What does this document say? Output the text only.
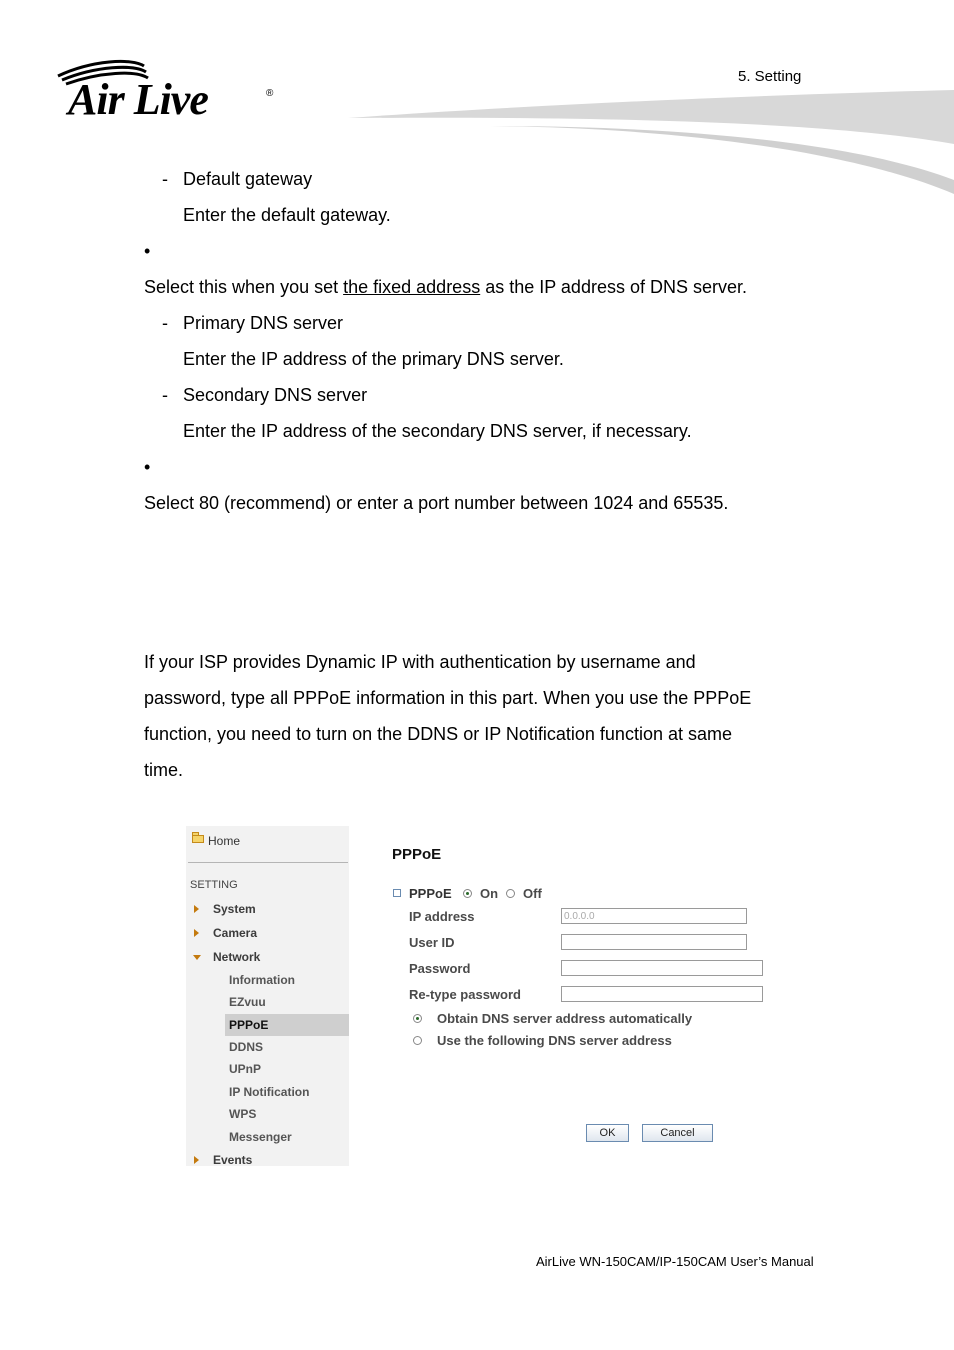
Air Live	®
5. Setting
- Default gateway
Enter the default gateway.
•
Select this when you set the fixed address as the IP address of DNS server.
- Primary DNS server
Enter the IP address of the primary DNS server.
- Secondary DNS server
Enter the IP address of the secondary DNS server, if necessary.
•
Select 80 (recommend) or enter a port number between 1024 and 65535.
If your ISP provides Dynamic IP with authentication by username and
password, type all PPPoE information in this part. When you use the PPPoE
function, you need to turn on the DDNS or IP Notification function at same
time.
Home
SETTING
System
Camera
Network
Information
EZvuu
PPPoE
DDNS
UPnP
IP Notification
WPS
Messenger
Events
PPPoE
PPPoE On Off
IP address
0.0.0.0
User ID
Password
Re-type password
Obtain DNS server address automatically
Use the following DNS server address
OK	Cancel
AirLive WN-150CAM/IP-150CAM User’s Manual
